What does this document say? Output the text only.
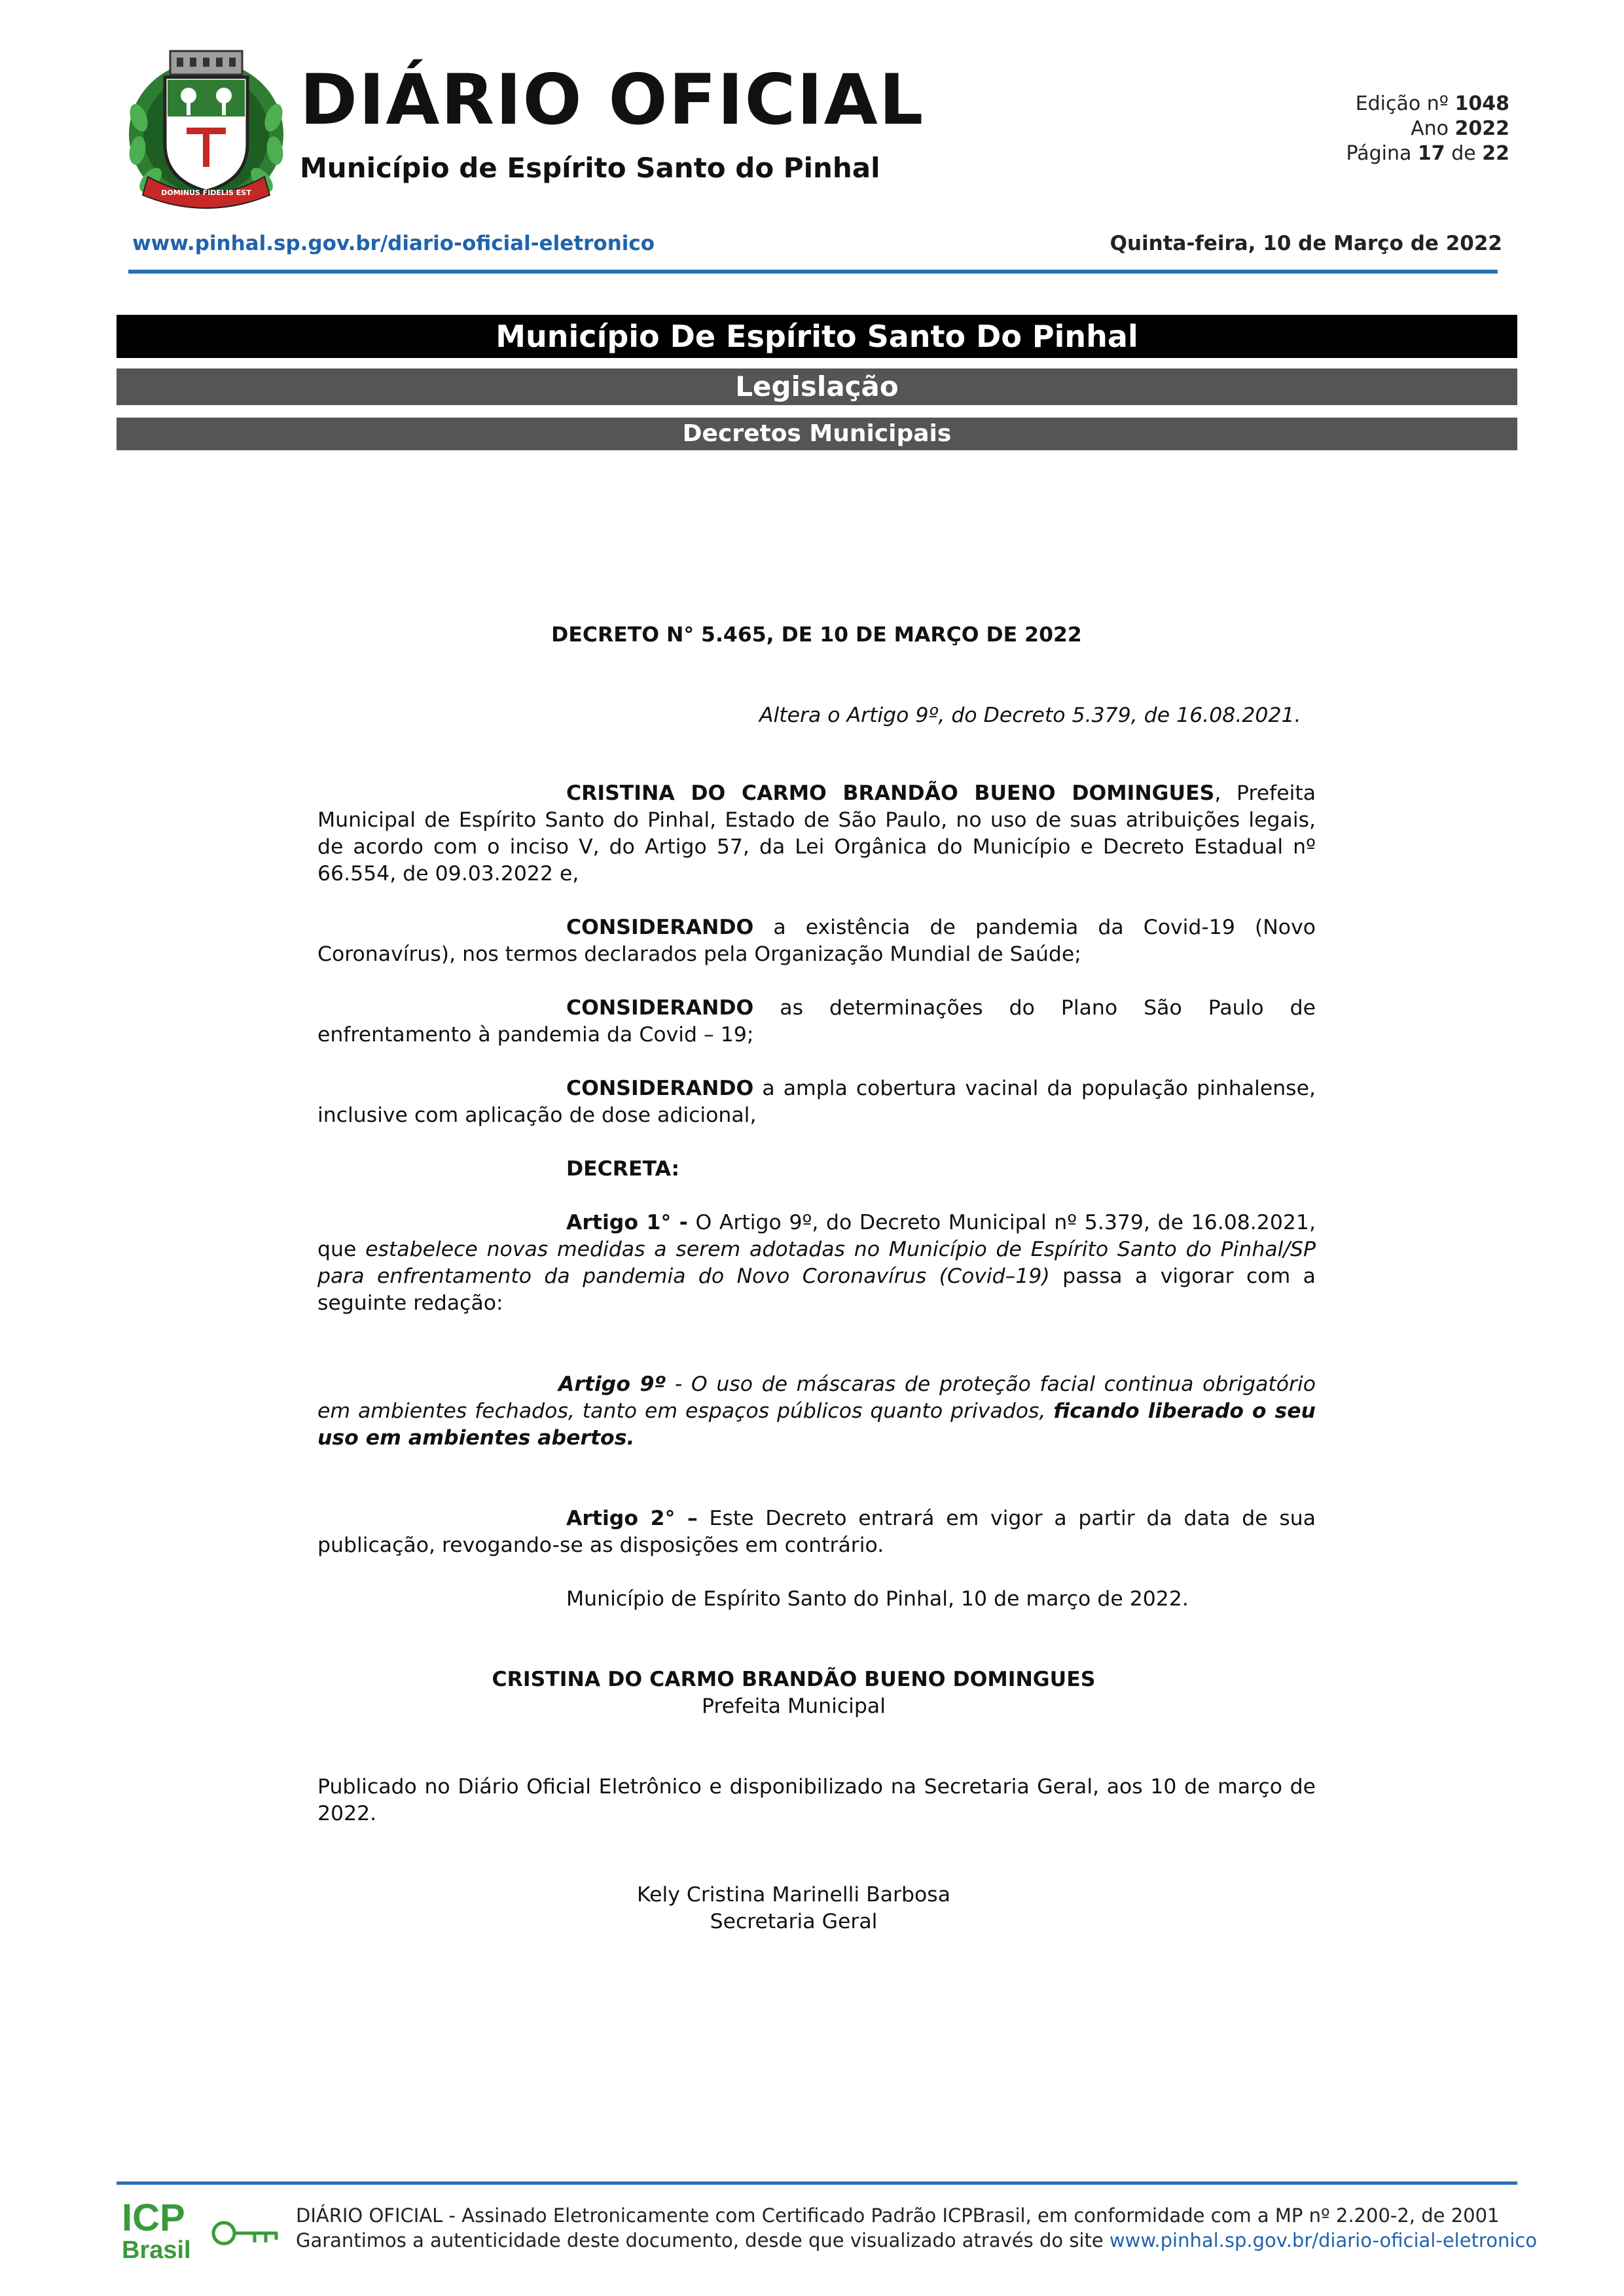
DOMINUS FIDELIS EST
DIÁRIO OFICIAL
Município de Espírito Santo do Pinhal
Edição nº 1048
Ano 2022
Página 17 de 22
www.pinhal.sp.gov.br/diario-oficial-eletronico	Quinta-feira, 10 de Março de 2022
Município De Espírito Santo Do Pinhal
Legislação
Decretos Municipais
DECRETO N° 5.465, DE 10 DE MARÇO DE 2022
Altera o Artigo 9º, do Decreto 5.379, de 16.08.2021.
CRISTINA DO CARMO BRANDÃO BUENO DOMINGUES, Prefeita Municipal de Espírito Santo do Pinhal, Estado de São Paulo, no uso de suas atribuições legais, de acordo com o inciso V, do Artigo 57, da Lei Orgânica do Município e Decreto Estadual nº 66.554, de 09.03.2022 e,
CONSIDERANDO a existência de pandemia da Covid-19 (Novo Coronavírus), nos termos declarados pela Organização Mundial de Saúde;
CONSIDERANDO as determinações do Plano São Paulo de enfrentamento à pandemia da Covid – 19;
CONSIDERANDO a ampla cobertura vacinal da população pinhalense, inclusive com aplicação de dose adicional,
DECRETA:
Artigo 1° - O Artigo 9º, do Decreto Municipal nº 5.379, de 16.08.2021, que estabelece novas medidas a serem adotadas no Município de Espírito Santo do Pinhal/SP para enfrentamento da pandemia do Novo Coronavírus (Covid–19) passa a vigorar com a seguinte redação:
Artigo 9º - O uso de máscaras de proteção facial continua obrigatório em ambientes fechados, tanto em espaços públicos quanto privados, ficando liberado o seu uso em ambientes abertos.
Artigo 2° – Este Decreto entrará em vigor a partir da data de sua publicação, revogando-se as disposições em contrário.
Município de Espírito Santo do Pinhal, 10 de março de 2022.
CRISTINA DO CARMO BRANDÃO BUENO DOMINGUES
Prefeita Municipal
Publicado no Diário Oficial Eletrônico e disponibilizado na Secretaria Geral, aos 10 de março de 2022.
Kely Cristina Marinelli Barbosa
Secretaria Geral
ICP
Brasil
DIÁRIO OFICIAL - Assinado Eletronicamente com Certificado Padrão ICPBrasil, em conformidade com a MP nº 2.200-2, de 2001
Garantimos a autenticidade deste documento, desde que visualizado através do site www.pinhal.sp.gov.br/diario-oficial-eletronico
